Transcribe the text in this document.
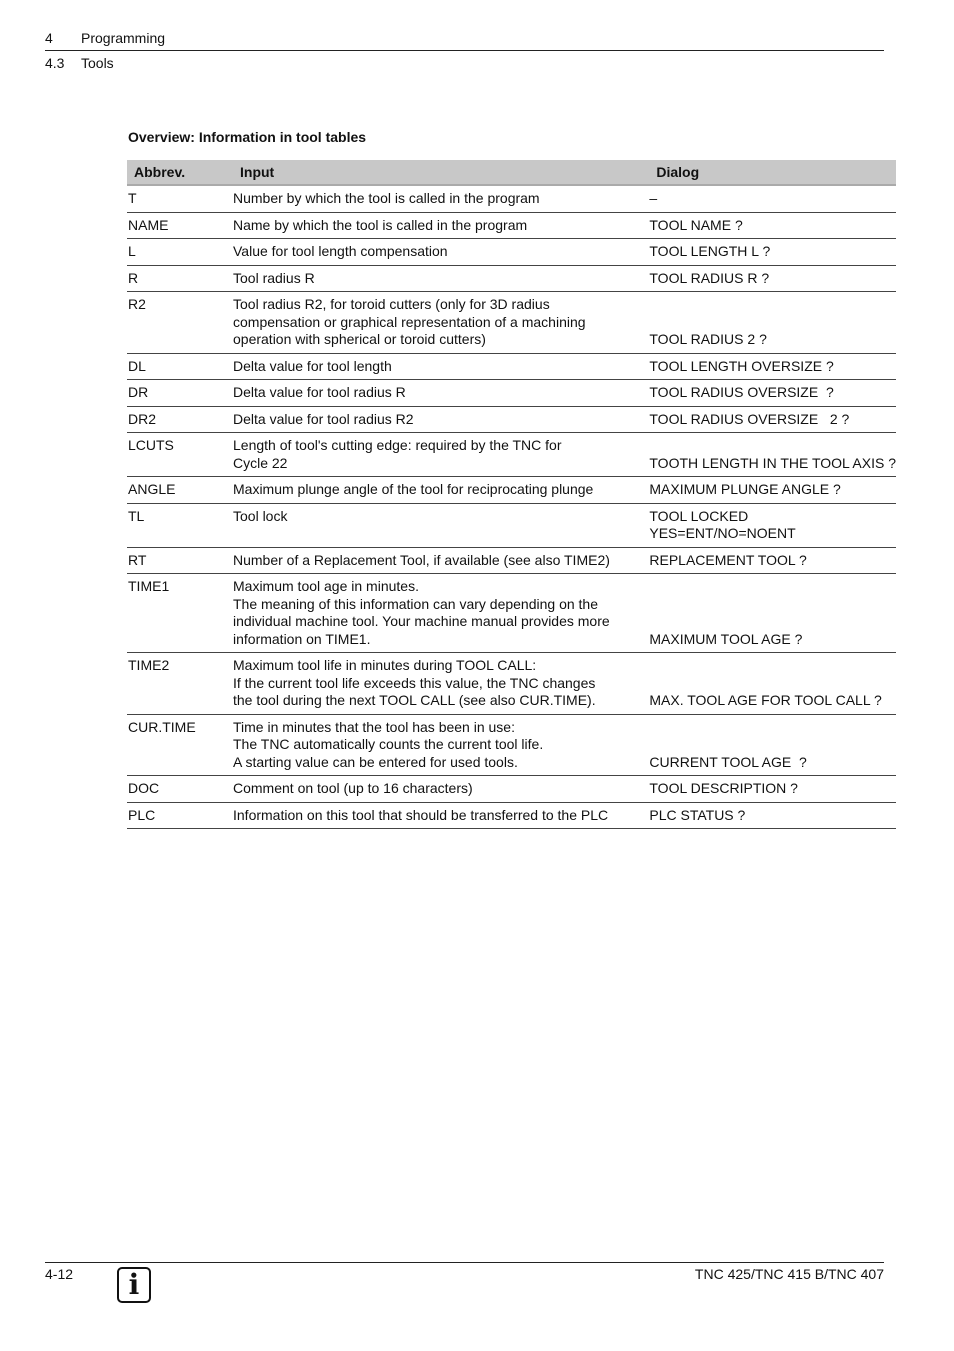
4 Programming
4.3 Tools
Overview: Information in tool tables
Abbrev.	Input	Dialog
T	Number by which the tool is called in the program	–

NAME	Name by which the tool is called in the program	TOOL NAME ?

L	Value for tool length compensation	TOOL LENGTH L ?

R	Tool radius R	TOOL RADIUS R ?

R2	Tool radius R2, for toroid cutters (only for 3D radius
compensation or graphical representation of a machining
operation with spherical or toroid cutters)	TOOL RADIUS 2 ?

DL	Delta value for tool length	TOOL LENGTH OVERSIZE ?

DR	Delta value for tool radius R	TOOL RADIUS OVERSIZE  ?

DR2	Delta value for tool radius R2	TOOL RADIUS OVERSIZE   2 ?

LCUTS	Length of tool's cutting edge: required by the TNC for
Cycle 22	TOOTH LENGTH IN THE TOOL AXIS ?

ANGLE	Maximum plunge angle of the tool for reciprocating plunge	MAXIMUM PLUNGE ANGLE ?

TL	Tool lock	TOOL LOCKED
YES=ENT/NO=NOENT

RT	Number of a Replacement Tool, if available (see also TIME2)	REPLACEMENT TOOL ?

TIME1	Maximum tool age in minutes.
The meaning of this information can vary depending on the
individual machine tool. Your machine manual provides more
information on TIME1.	MAXIMUM TOOL AGE ?

TIME2	Maximum tool life in minutes during TOOL CALL:
If the current tool life exceeds this value, the TNC changes
the tool during the next TOOL CALL (see also CUR.TIME).	MAX. TOOL AGE FOR TOOL CALL ?

CUR.TIME	Time in minutes that the tool has been in use:
The TNC automatically counts the current tool life.
A starting value can be entered for used tools.	CURRENT TOOL AGE  ?

DOC	Comment on tool (up to 16 characters)	TOOL DESCRIPTION ?

PLC	Information on this tool that should be transferred to the PLC	PLC STATUS ?
4-12	i	TNC 425/TNC 415 B/TNC 407
